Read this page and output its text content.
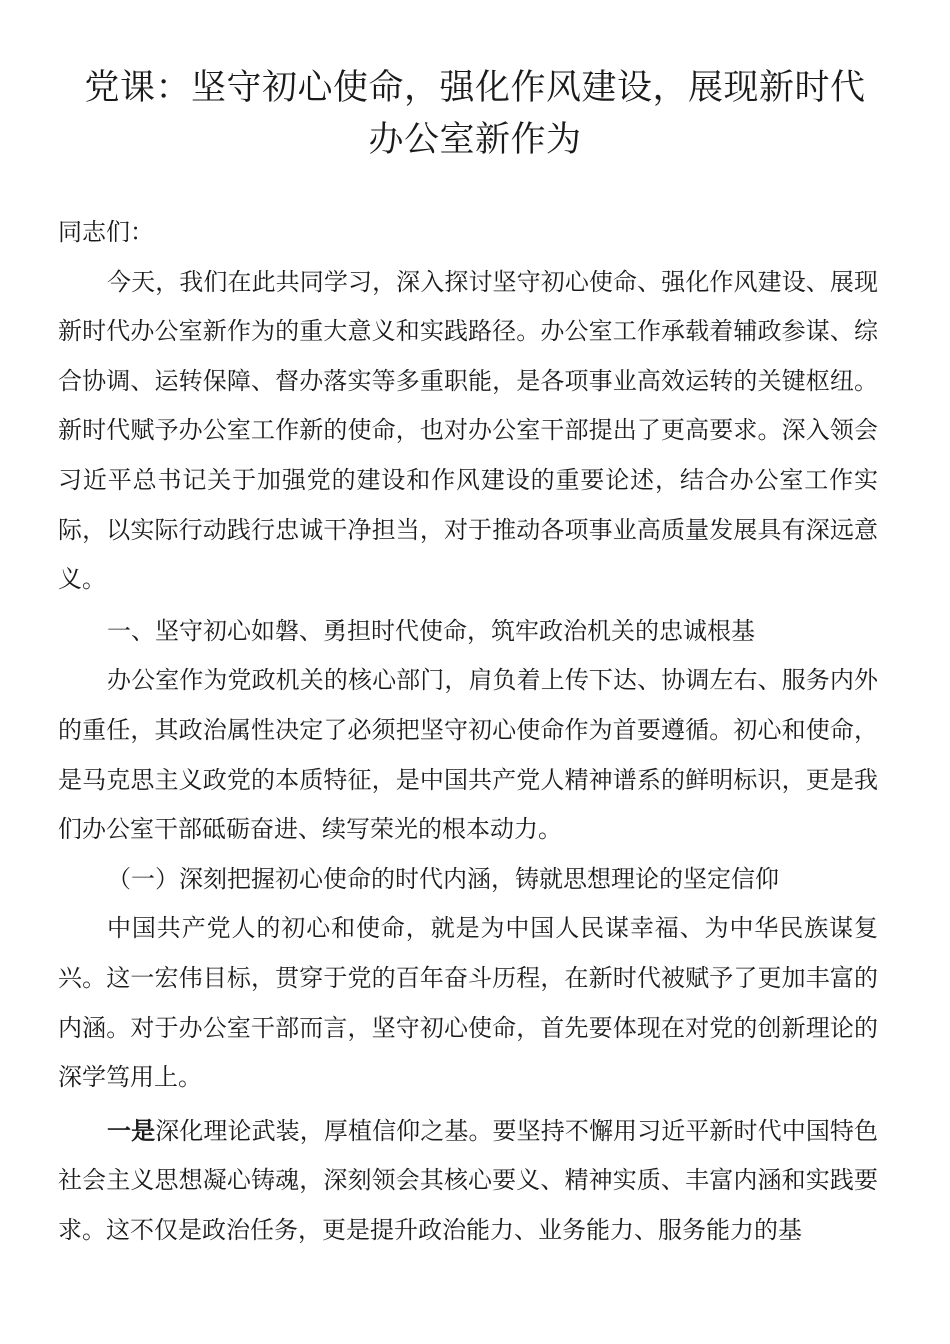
党课：坚守初心使命，强化作风建设，展现新时代办公室新作为

同志们：

今天，我们在此共同学习，深入探讨坚守初心使命、强化作风建设、展现新时代办公室新作为的重大意义和实践路径。办公室工作承载着辅政参谋、综合协调、运转保障、督办落实等多重职能，是各项事业高效运转的关键枢纽。新时代赋予办公室工作新的使命，也对办公室干部提出了更高要求。深入领会习近平总书记关于加强党的建设和作风建设的重要论述，结合办公室工作实际，以实际行动践行忠诚干净担当，对于推动各项事业高质量发展具有深远意义。

一、坚守初心如磐、勇担时代使命，筑牢政治机关的忠诚根基

办公室作为党政机关的核心部门，肩负着上传下达、协调左右、服务内外的重任，其政治属性决定了必须把坚守初心使命作为首要遵循。初心和使命，是马克思主义政党的本质特征，是中国共产党人精神谱系的鲜明标识，更是我们办公室干部砥砺奋进、续写荣光的根本动力。

（一）深刻把握初心使命的时代内涵，铸就思想理论的坚定信仰

中国共产党人的初心和使命，就是为中国人民谋幸福、为中华民族谋复兴。这一宏伟目标，贯穿于党的百年奋斗历程，在新时代被赋予了更加丰富的内涵。对于办公室干部而言，坚守初心使命，首先要体现在对党的创新理论的深学笃用上。

一是深化理论武装，厚植信仰之基。要坚持不懈用习近平新时代中国特色社会主义思想凝心铸魂，深刻领会其核心要义、精神实质、丰富内涵和实践要求。这不仅是政治任务，更是提升政治能力、业务能力、服务能力的基
